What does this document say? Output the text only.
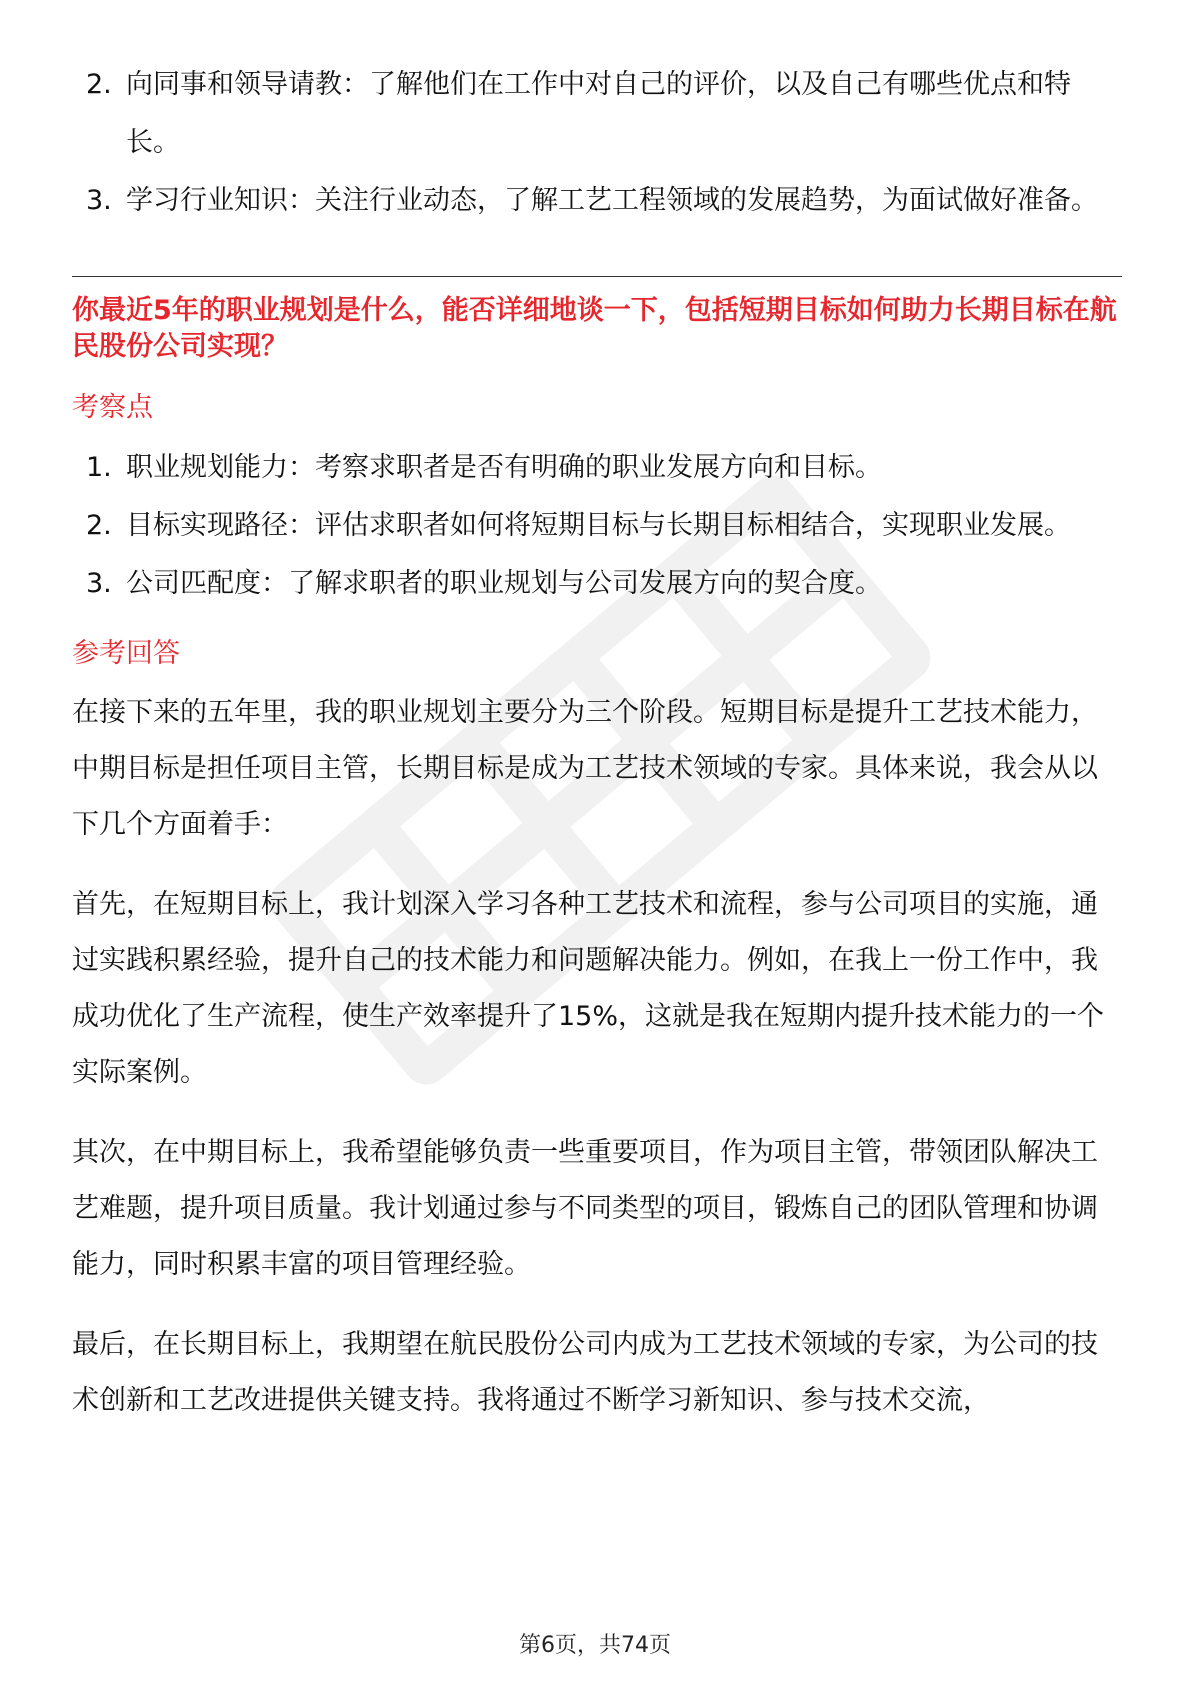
2. 向同事和领导请教：了解他们在工作中对自己的评价，以及自己有哪些优点和特长。
3. 学习行业知识：关注行业动态，了解工艺工程领域的发展趋势，为面试做好准备。

你最近5年的职业规划是什么，能否详细地谈一下，包括短期目标如何助力长期目标在航民股份公司实现？

考察点
1. 职业规划能力：考察求职者是否有明确的职业发展方向和目标。
2. 目标实现路径：评估求职者如何将短期目标与长期目标相结合，实现职业发展。
3. 公司匹配度：了解求职者的职业规划与公司发展方向的契合度。
参考回答

在接下来的五年里，我的职业规划主要分为三个阶段。短期目标是提升工艺技术能力，中期目标是担任项目主管，长期目标是成为工艺技术领域的专家。具体来说，我会从以下几个方面着手：

首先，在短期目标上，我计划深入学习各种工艺技术和流程，参与公司项目的实施，通过实践积累经验，提升自己的技术能力和问题解决能力。例如，在我上一份工作中，我成功优化了生产流程，使生产效率提升了15%，这就是我在短期内提升技术能力的一个实际案例。

其次，在中期目标上，我希望能够负责一些重要项目，作为项目主管，带领团队解决工艺难题，提升项目质量。我计划通过参与不同类型的项目，锻炼自己的团队管理和协调能力，同时积累丰富的项目管理经验。

最后，在长期目标上，我期望在航民股份公司内成为工艺技术领域的专家，为公司的技术创新和工艺改进提供关键支持。我将通过不断学习新知识、参与技术交流，

第6页，共74页
